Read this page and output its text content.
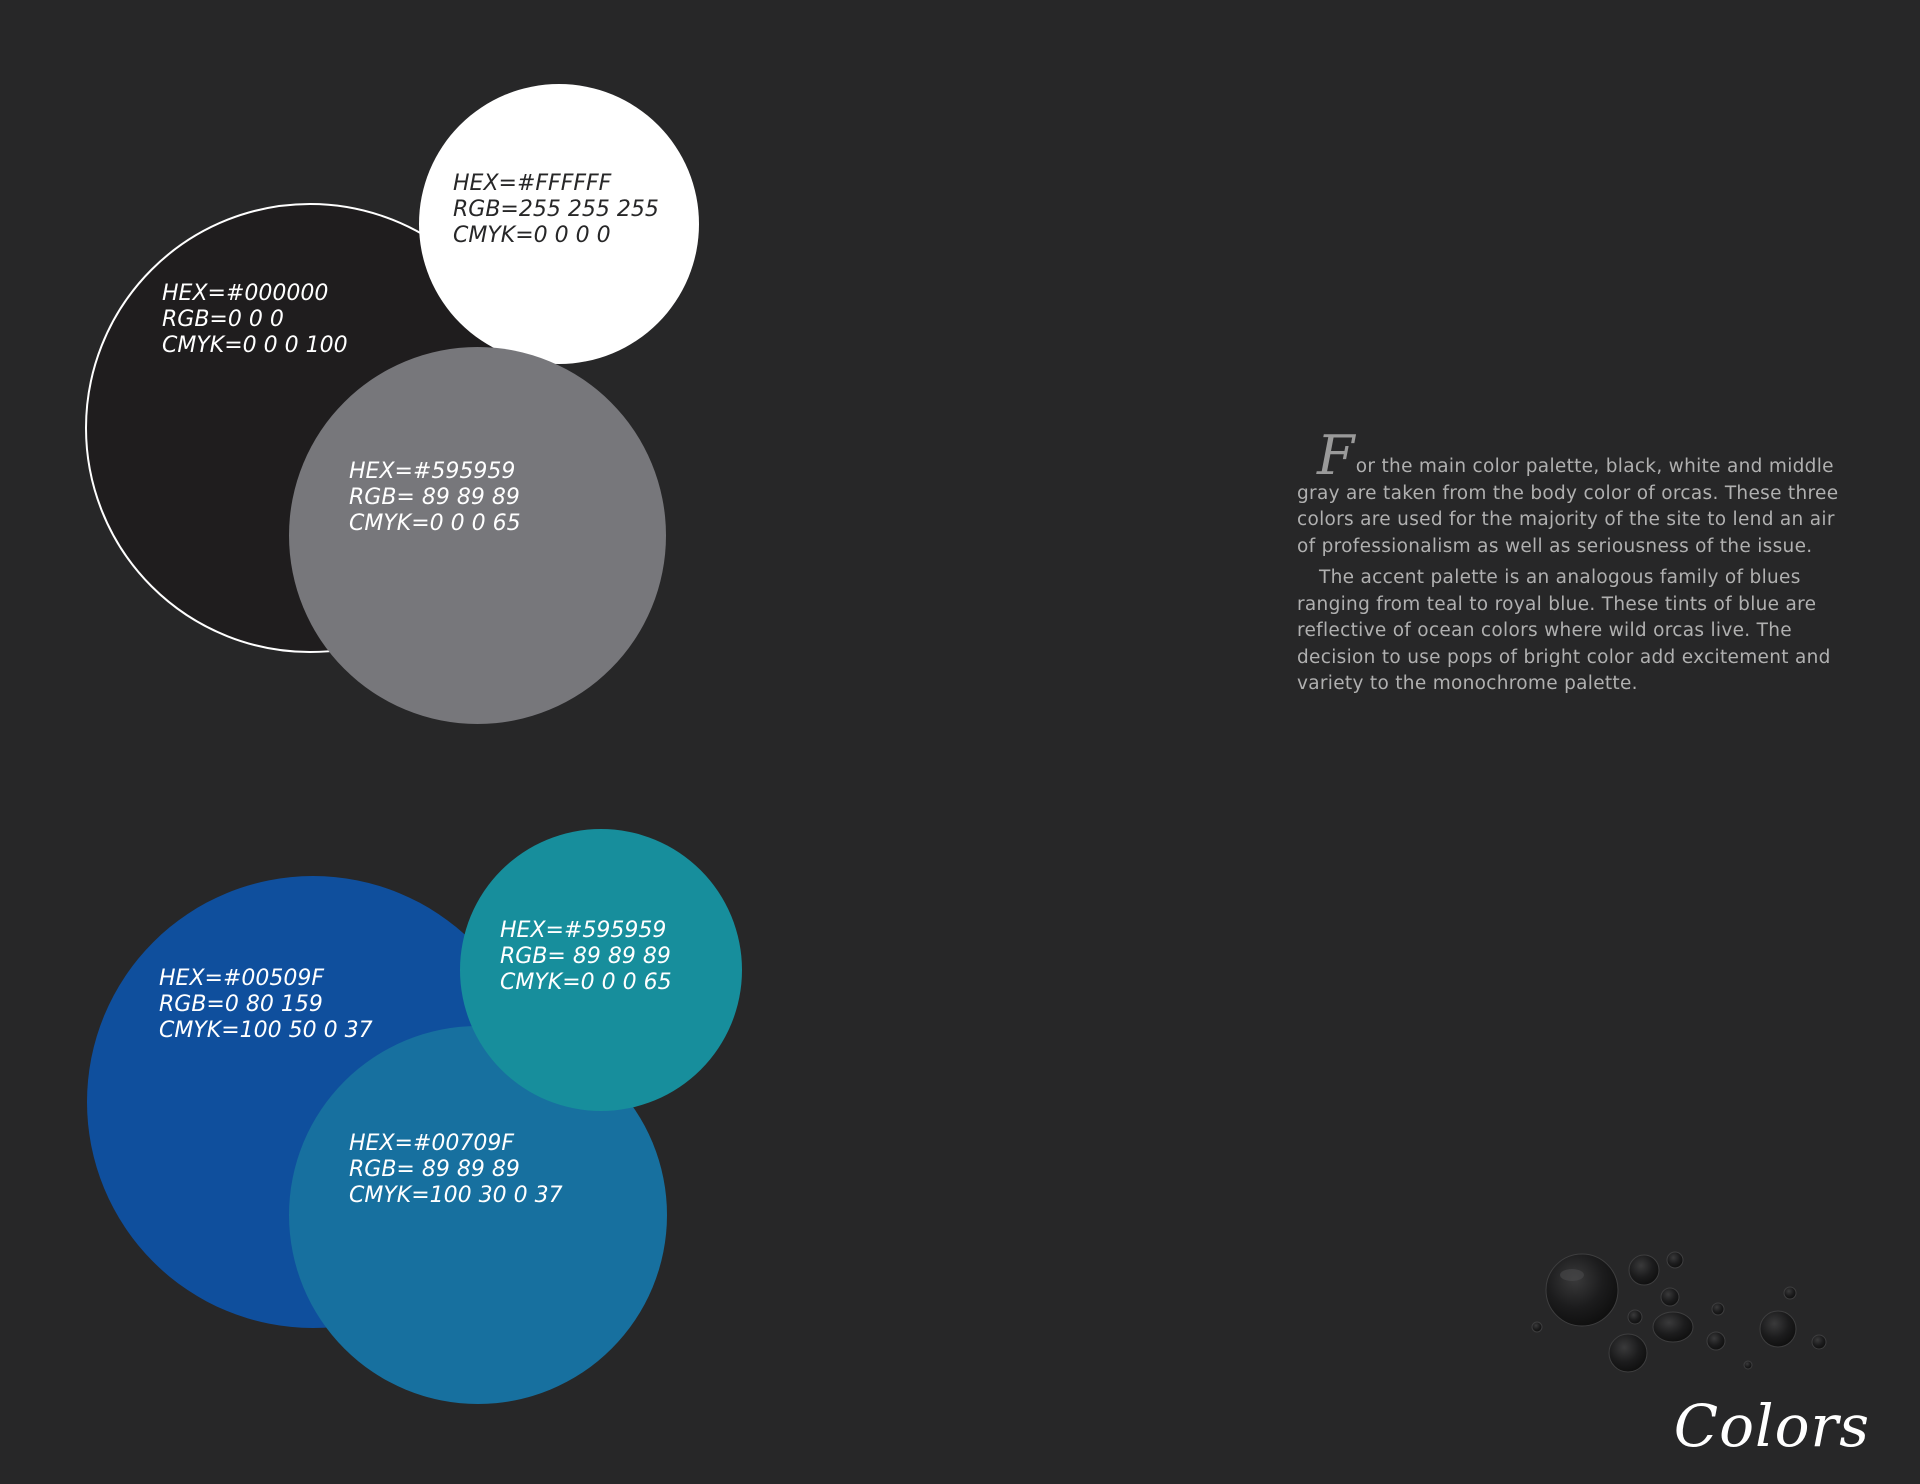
HEX=#000000
RGB=0 0 0
CMYK=0 0 0 100
HEX=#FFFFFF
RGB=255 255 255
CMYK=0 0 0 0
HEX=#595959
RGB= 89 89 89
CMYK=0 0 0 65
HEX=#00509F
RGB=0 80 159
CMYK=100 50 0 37
HEX=#595959
RGB= 89 89 89
CMYK=0 0 0 65
HEX=#00709F
RGB= 89 89 89
CMYK=100 30 0 37

For the main color palette, black, white and middle gray are taken from the body color of orcas. These three colors are used for the majority of the site to lend an air of professionalism as well as seriousness of the issue.

The accent palette is an analogous family of blues ranging from teal to royal blue. These tints of blue are reflective of ocean colors where wild orcas live. The decision to use pops of bright color add excitement and variety to the monochrome palette.

Colors
